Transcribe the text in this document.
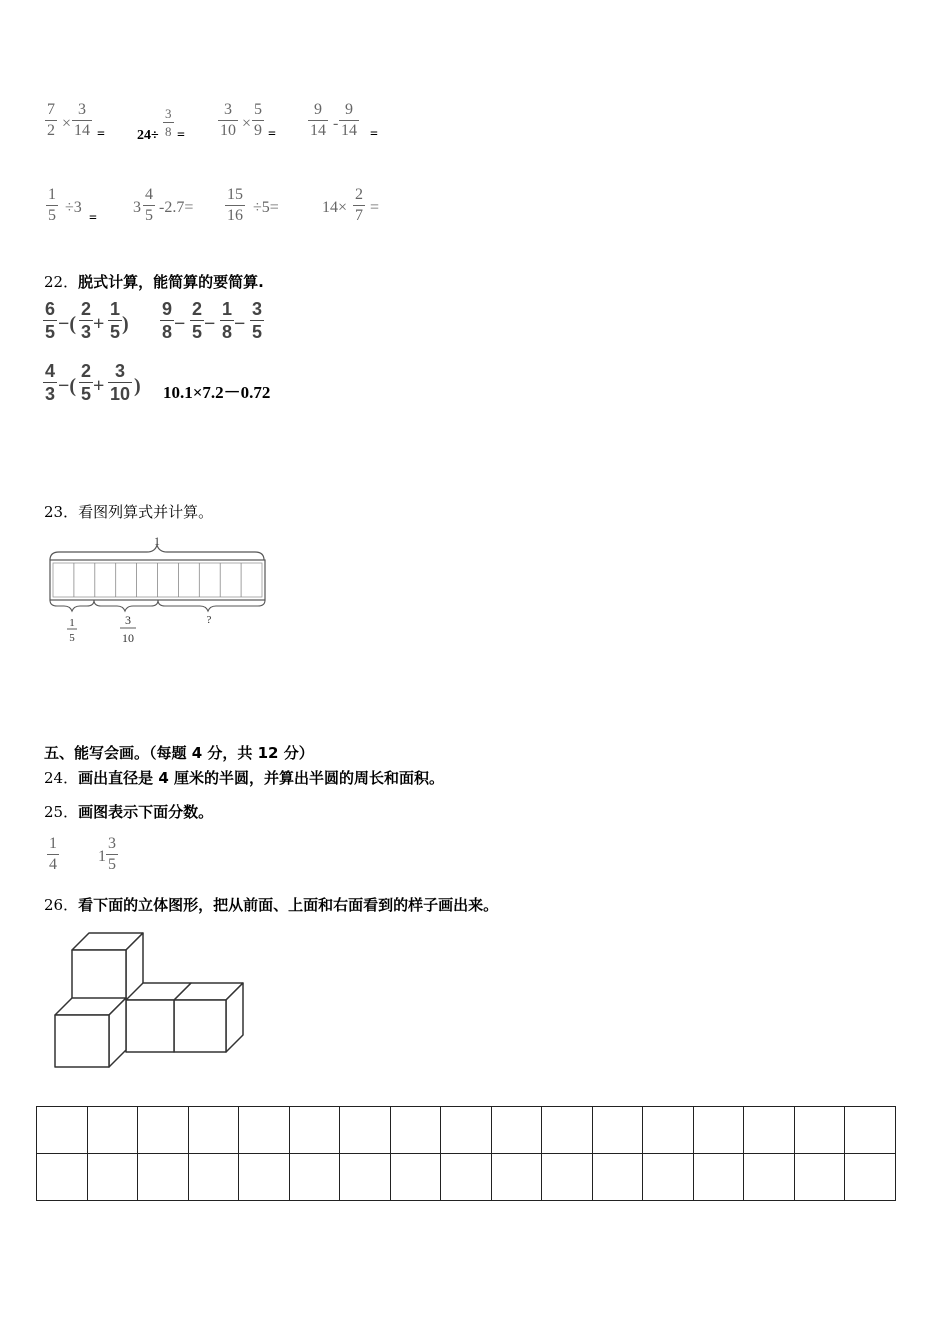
$\frac{7}{2} \times \frac{3}{14} = 24\div \frac{3}{8} = \frac{3}{10} \times \frac{5}{9} = \frac{9}{14} - \frac{9}{14}$ =
$\frac{1}{5} \div 3$
=
$3 \frac{4}{5} -2.7= \frac{15}{16} \div 5=$	$14\times \frac{2}{7}$ =
22．脱式计算，能简算的要简算.
$\frac{6}{5}$ −( $\frac{2}{3} + \frac{1}{5}$ ) $\frac{9}{8} - \frac{2}{5} - \frac{1}{8} - \frac{3}{5}$
$\frac{4}{3}$ −( $\frac{2}{5} + \frac{3}{10}$ ) 10.1×7.2－0.72
23．看图列算式并计算。
1
1
5
3
10
?
五、能写会画。（每题 4 分，共 12 分）
24．画出直径是 4 厘米的半圆，并算出半圆的周长和面积。
25．画图表示下面分数。
$\frac{1}{4} 1 \frac{3}{5}$
26．看下面的立体图形，把从前面、上面和右面看到的样子画出来。
